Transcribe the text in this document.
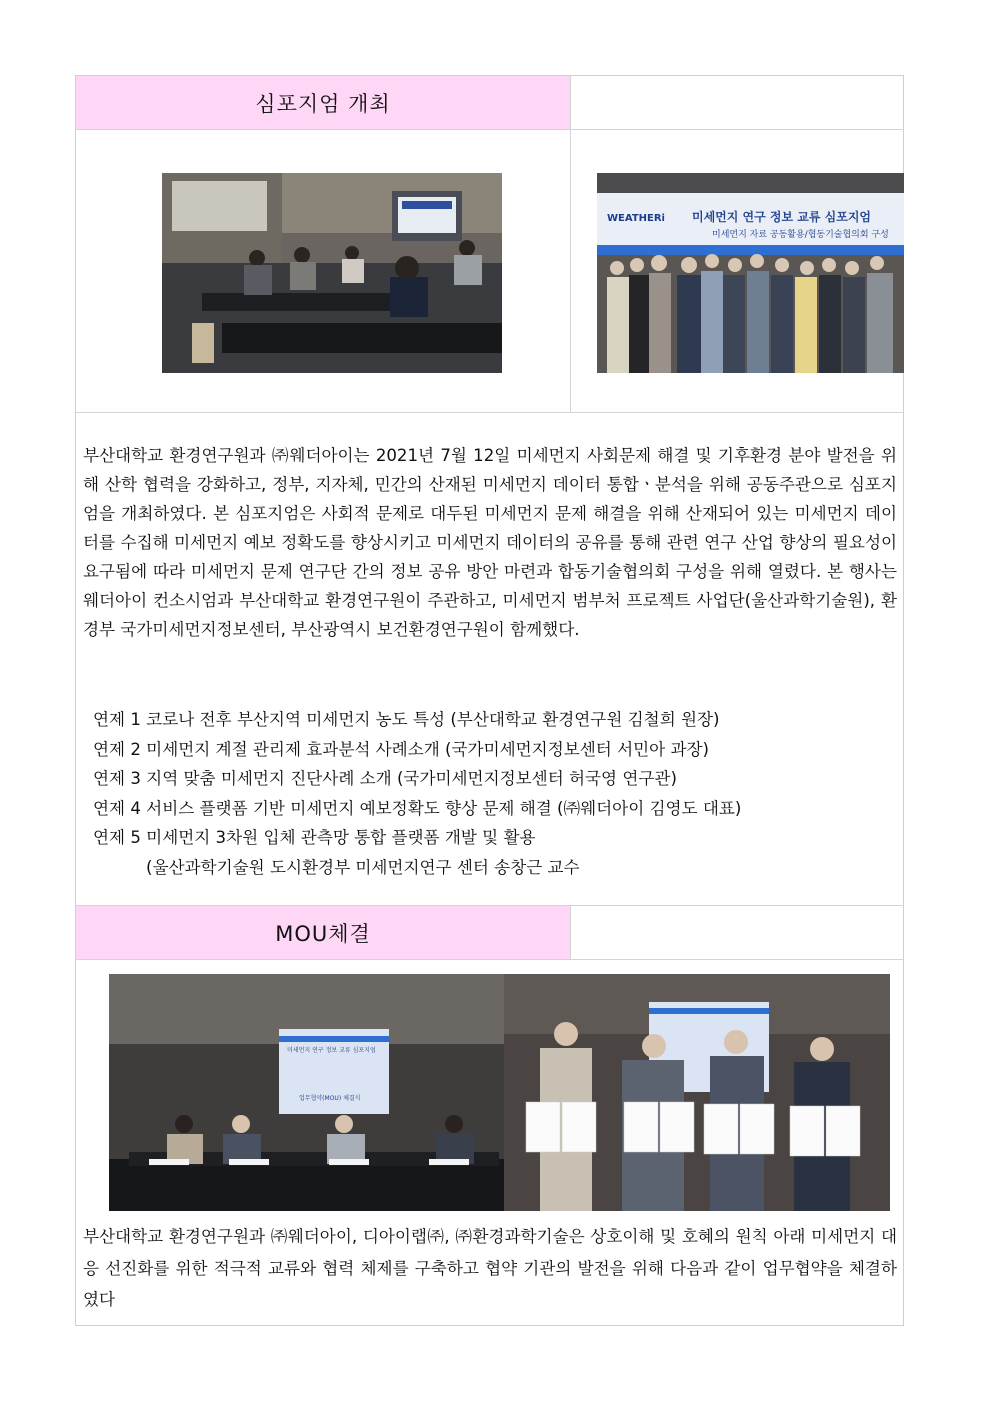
심포지엄 개최
WEATHERi 미세먼지 연구 정보 교류 심포지엄
미세먼지 자료 공동활용/협동기술협의회 구성

부산대학교 환경연구원과 ㈜웨더아이는 2021년 7월 12일 미세먼지 사회문제 해결 및 기후환경 분야 발전을 위해 산학 협력을 강화하고, 정부, 지자체, 민간의 산재된 미세먼지 데이터 통합ㆍ분석을 위해 공동주관으로 심포지엄을 개최하였다. 본 심포지엄은 사회적 문제로 대두된 미세먼지 문제 해결을 위해 산재되어 있는 미세먼지 데이터를 수집해 미세먼지 예보 정확도를 향상시키고 미세먼지 데이터의 공유를 통해 관련 연구 산업 향상의 필요성이 요구됨에 따라 미세먼지 문제 연구단 간의 정보 공유 방안 마련과 합동기술협의회 구성을 위해 열렸다. 본 행사는 웨더아이 컨소시엄과 부산대학교 환경연구원이 주관하고, 미세먼지 범부처 프로젝트 사업단(울산과학기술원), 환경부 국가미세먼지정보센터, 부산광역시 보건환경연구원이 함께했다.

연제 1 코로나 전후 부산지역 미세먼지 농도 특성 (부산대학교 환경연구원 김철희 원장)
연제 2 미세먼지 계절 관리제 효과분석 사례소개 (국가미세먼지정보센터 서민아 과장)
연제 3 지역 맞춤 미세먼지 진단사례 소개 (국가미세먼지정보센터 허국영 연구관)
연제 4 서비스 플랫폼 기반 미세먼지 예보정확도 향상 문제 해결 (㈜웨더아이 김영도 대표)
연제 5 미세먼지 3차원 입체 관측망 통합 플랫폼 개발 및 활용
(울산과학기술원 도시환경부 미세먼지연구 센터 송창근 교수
MOU체결
미세먼지 연구 정보 교류 심포지엄
업무협약(MOU) 체결식

부산대학교 환경연구원과 ㈜웨더아이, 디아이랩㈜, ㈜환경과학기술은 상호이해 및 호혜의 원칙 아래 미세먼지 대응 선진화를 위한 적극적 교류와 협력 체제를 구축하고 협약 기관의 발전을 위해 다음과 같이 업무협약을 체결하였다
